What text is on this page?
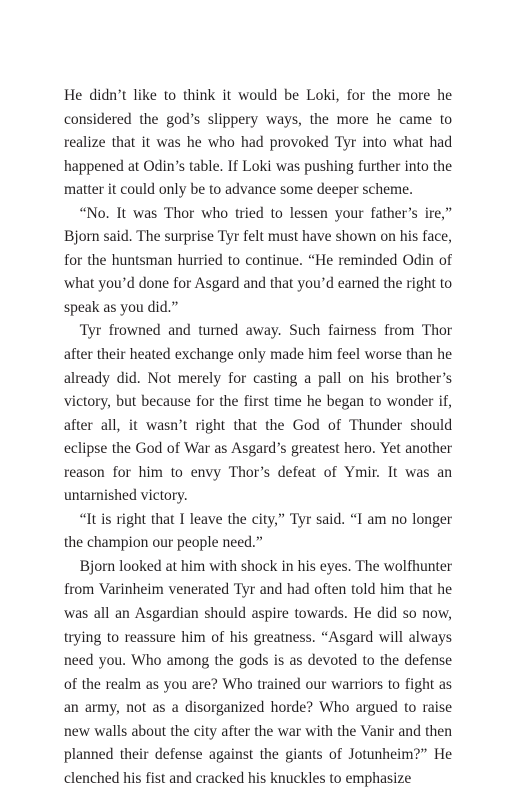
He didn’t like to think it would be Loki, for the more he considered the god’s slippery ways, the more he came to realize that it was he who had provoked Tyr into what had happened at Odin’s table. If Loki was pushing further into the matter it could only be to advance some deeper scheme.

“No. It was Thor who tried to lessen your father’s ire,” Bjorn said. The surprise Tyr felt must have shown on his face, for the huntsman hurried to continue. “He reminded Odin of what you’d done for Asgard and that you’d earned the right to speak as you did.”

Tyr frowned and turned away. Such fairness from Thor after their heated exchange only made him feel worse than he already did. Not merely for casting a pall on his brother’s victory, but because for the first time he began to wonder if, after all, it wasn’t right that the God of Thunder should eclipse the God of War as Asgard’s greatest hero. Yet another reason for him to envy Thor’s defeat of Ymir. It was an untarnished victory.

“It is right that I leave the city,” Tyr said. “I am no longer the champion our people need.”

Bjorn looked at him with shock in his eyes. The wolfhunter from Varinheim venerated Tyr and had often told him that he was all an Asgardian should aspire towards. He did so now, trying to reassure him of his greatness. “Asgard will always need you. Who among the gods is as devoted to the defense of the realm as you are? Who trained our warriors to fight as an army, not as a disorganized horde? Who argued to raise new walls about the city after the war with the Vanir and then planned their defense against the giants of Jotunheim?” He clenched his fist and cracked his knuckles to emphasize
